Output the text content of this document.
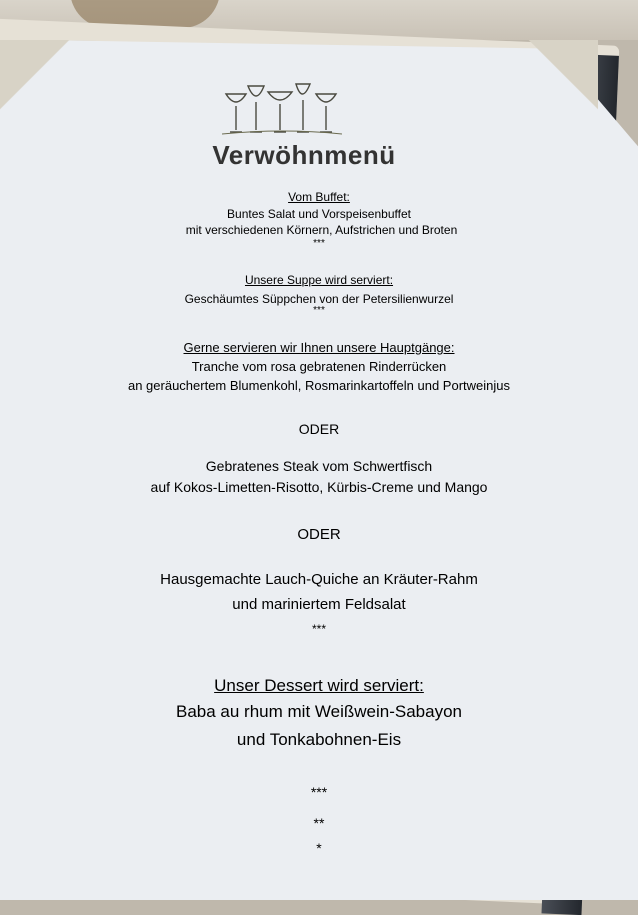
Verwöhnmenü
Vom Buffet:
Buntes Salat und Vorspeisenbuffet
mit verschiedenen Körnern, Aufstrichen und Broten
***
Unsere Suppe wird serviert:
Geschäumtes Süppchen von der Petersilienwurzel
***
Gerne servieren wir Ihnen unsere Hauptgänge:
Tranche vom rosa gebratenen Rinderrücken
an geräuchertem Blumenkohl, Rosmarinkartoffeln und Portweinjus
ODER
Gebratenes Steak vom Schwertfisch
auf Kokos-Limetten-Risotto, Kürbis-Creme und Mango
ODER
Hausgemachte Lauch-Quiche an Kräuter-Rahm
und mariniertem Feldsalat
***
Unser Dessert wird serviert:
Baba au rhum mit Weißwein-Sabayon
und Tonkabohnen-Eis
***
**
*
